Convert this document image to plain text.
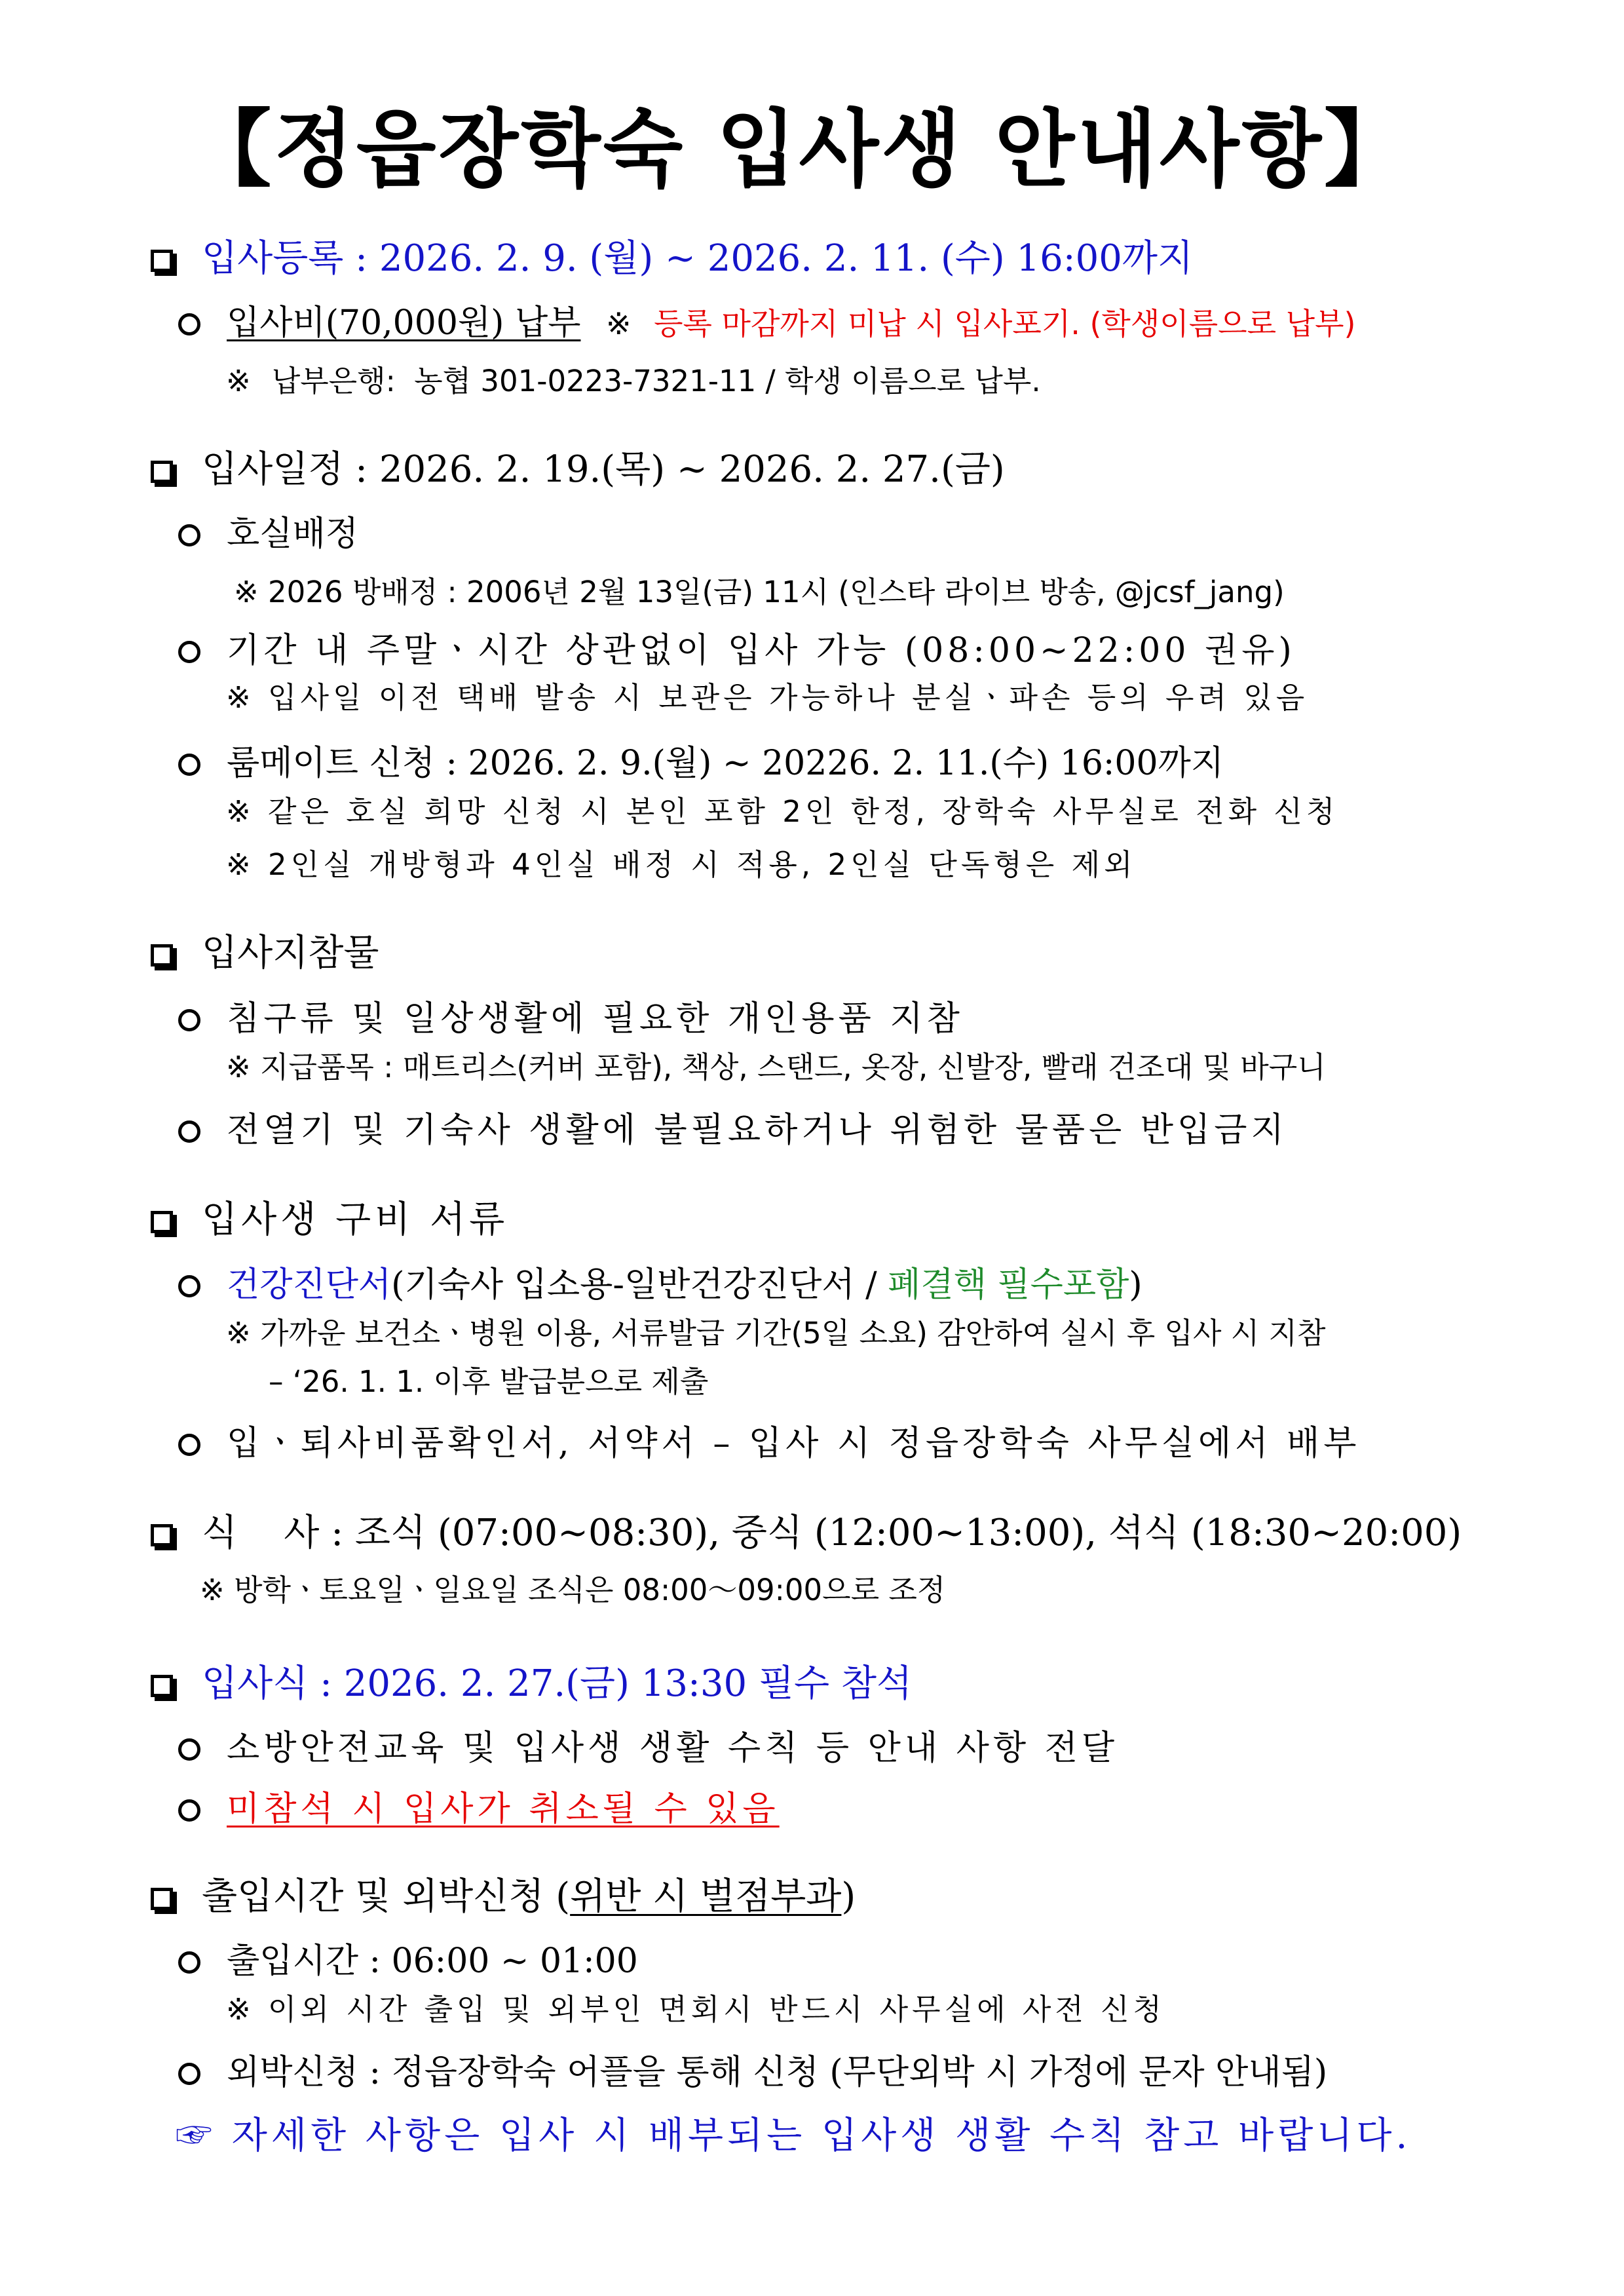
【정읍장학숙 입사생 안내사항】
입사등록 : 2026. 2. 9. (월) ~ 2026. 2. 11. (수) 16:00까지
입사비(70,000원) 납부 ※ 등록 마감까지 미납 시 입사포기. (학생이름으로 납부)
※ 납부은행: 농협 301-0223-7321-11 / 학생 이름으로 납부.
입사일정 : 2026. 2. 19.(목) ~ 2026. 2. 27.(금)
호실배정
※ 2026 방배정 : 2006년 2월 13일(금) 11시 (인스타 라이브 방송, @jcsf_jang)
기간 내 주말ㆍ시간 상관없이 입사 가능 (08:00~22:00 권유)
※ 입사일 이전 택배 발송 시 보관은 가능하나 분실ㆍ파손 등의 우려 있음
룸메이트 신청 : 2026. 2. 9.(월) ~ 20226. 2. 11.(수) 16:00까지
※ 같은 호실 희망 신청 시 본인 포함 2인 한정, 장학숙 사무실로 전화 신청
※ 2인실 개방형과 4인실 배정 시 적용, 2인실 단독형은 제외
입사지참물
침구류 및 일상생활에 필요한 개인용품 지참
※ 지급품목 : 매트리스(커버 포함), 책상, 스탠드, 옷장, 신발장, 빨래 건조대 및 바구니
전열기 및 기숙사 생활에 불필요하거나 위험한 물품은 반입금지
입사생 구비 서류
건강진단서(기숙사 입소용-일반건강진단서 / 폐결핵 필수포함)
※ 가까운 보건소ㆍ병원 이용, 서류발급 기간(5일 소요) 감안하여 실시 후 입사 시 지참
– ‘26. 1. 1. 이후 발급분으로 제출
입ㆍ퇴사비품확인서, 서약서 – 입사 시 정읍장학숙 사무실에서 배부
식    사 : 조식 (07:00~08:30), 중식 (12:00~13:00), 석식 (18:30~20:00)
※ 방학ㆍ토요일ㆍ일요일 조식은 08:00～09:00으로 조정
입사식 : 2026. 2. 27.(금) 13:30 필수 참석
소방안전교육 및 입사생 생활 수칙 등 안내 사항 전달
미참석 시 입사가 취소될 수 있음
출입시간 및 외박신청 (위반 시 벌점부과)
출입시간 : 06:00 ~ 01:00
※ 이외 시간 출입 및 외부인 면회시 반드시 사무실에 사전 신청
외박신청 : 정읍장학숙 어플을 통해 신청 (무단외박 시 가정에 문자 안내됨)
☞ 자세한 사항은 입사 시 배부되는 입사생 생활 수칙 참고 바랍니다.
